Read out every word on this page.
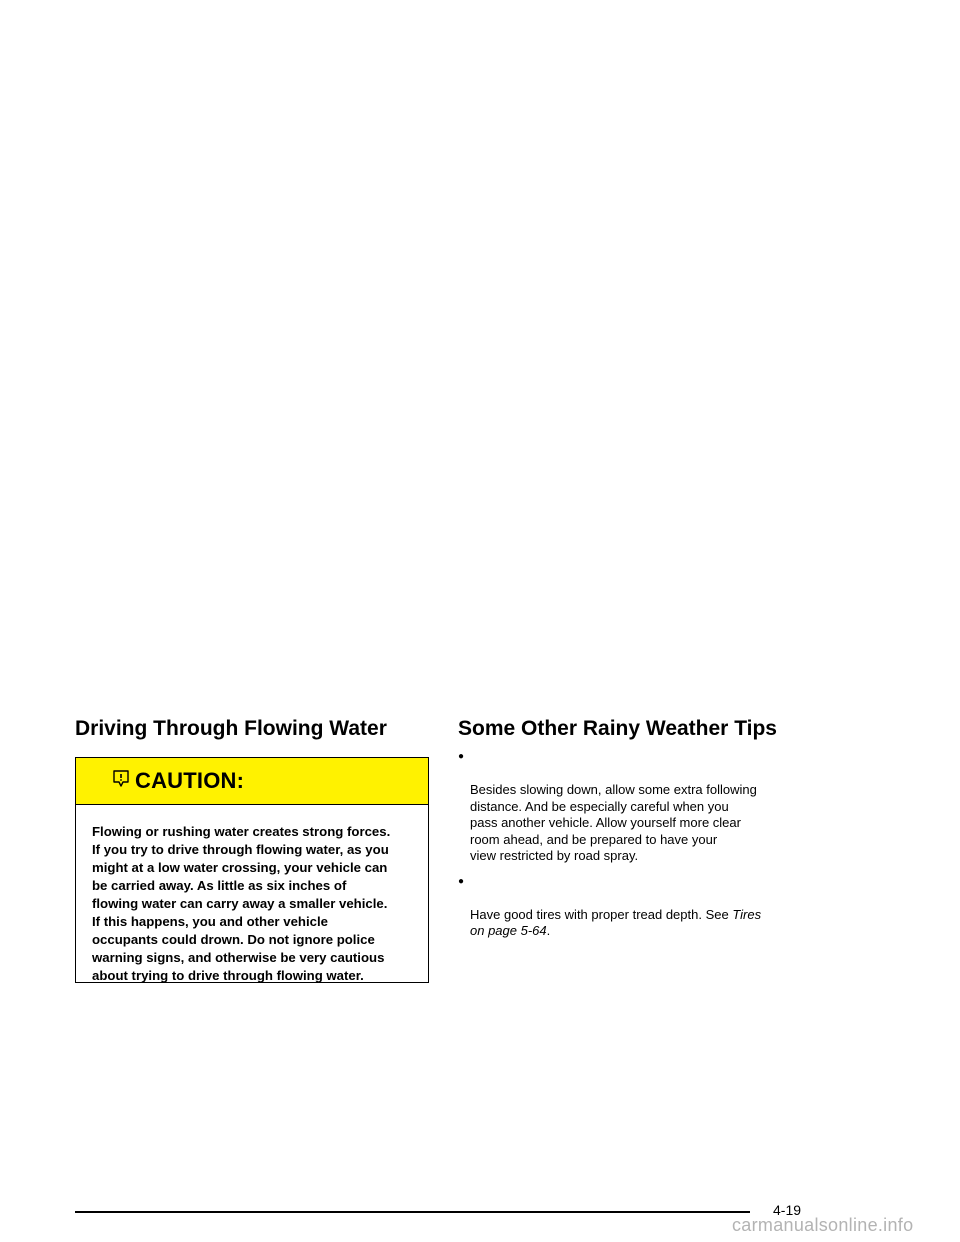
Driving Through Flowing Water
CAUTION:
Flowing or rushing water creates strong forces.
If you try to drive through flowing water, as you
might at a low water crossing, your vehicle can
be carried away. As little as six inches of
flowing water can carry away a smaller vehicle.
If this happens, you and other vehicle
occupants could drown. Do not ignore police
warning signs, and otherwise be very cautious
about trying to drive through flowing water.
Some Other Rainy Weather Tips

●

Besides slowing down, allow some extra following
distance. And be especially careful when you
pass another vehicle. Allow yourself more clear
room ahead, and be prepared to have your
view restricted by road spray.

●

Have good tires with proper tread depth. See Tires
on page 5-64.

4-19
carmanualsonline.info
